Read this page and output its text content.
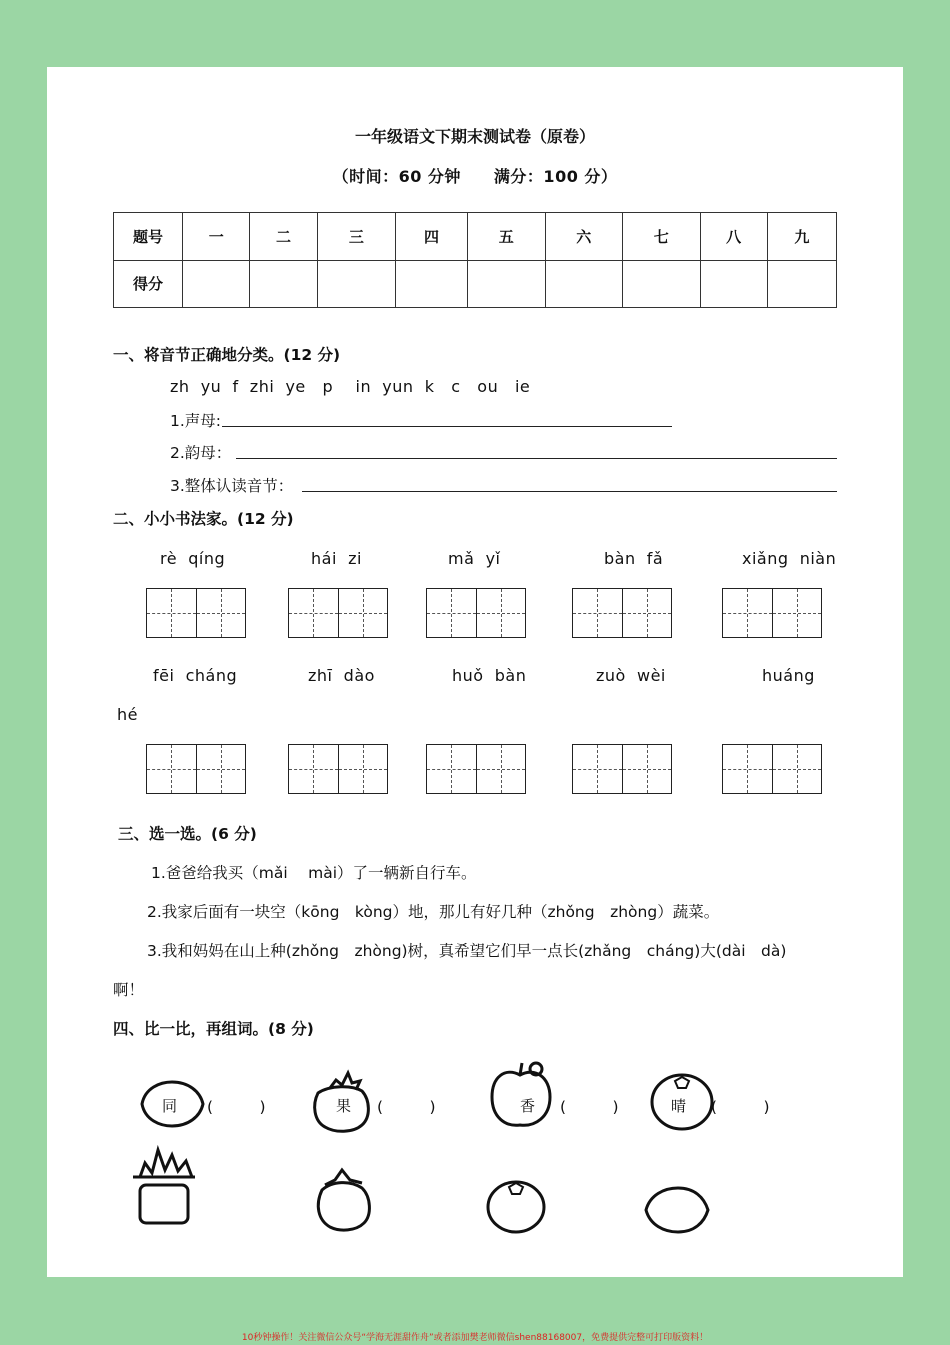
一年级语文下期末测试卷（原卷）
（时间：60 分钟　　满分：100 分）
题号	一	二	三	四	五	六	七	八	九
得分									
一、将音节正确地分类。(12 分)
zh  yu  f  zhi  ye   p    in  yun  k   c   ou   ie
1.声母:
2.韵母：
3.整体认读音节：
二、小小书法家。(12 分)
rè  qíng	hái  zi	mǎ  yǐ	bàn  fǎ	xiǎng  niàn
fēi  cháng	zhī  dào	huǒ  bàn	zuò  wèi	huáng
hé
三、选一选。(6 分)
1.爸爸给我买（mǎi　 mài）了一辆新自行车。
2.我家后面有一块空（kōng　kòng）地，那儿有好几种（zhǒng　zhòng）蔬菜。
3.我和妈妈在山上种(zhǒng　zhòng)树，真希望它们早一点长(zhǎng　cháng)大(dài　dà)
啊！
四、比一比，再组词。(8 分)
同 (　　　)	果 (　　　)	香 (　　　)	晴 (　　　)
10秒钟操作！关注微信公众号“学海无涯甜作舟”或者添加樊老师微信shen88168007，免费提供完整可打印版资料！
